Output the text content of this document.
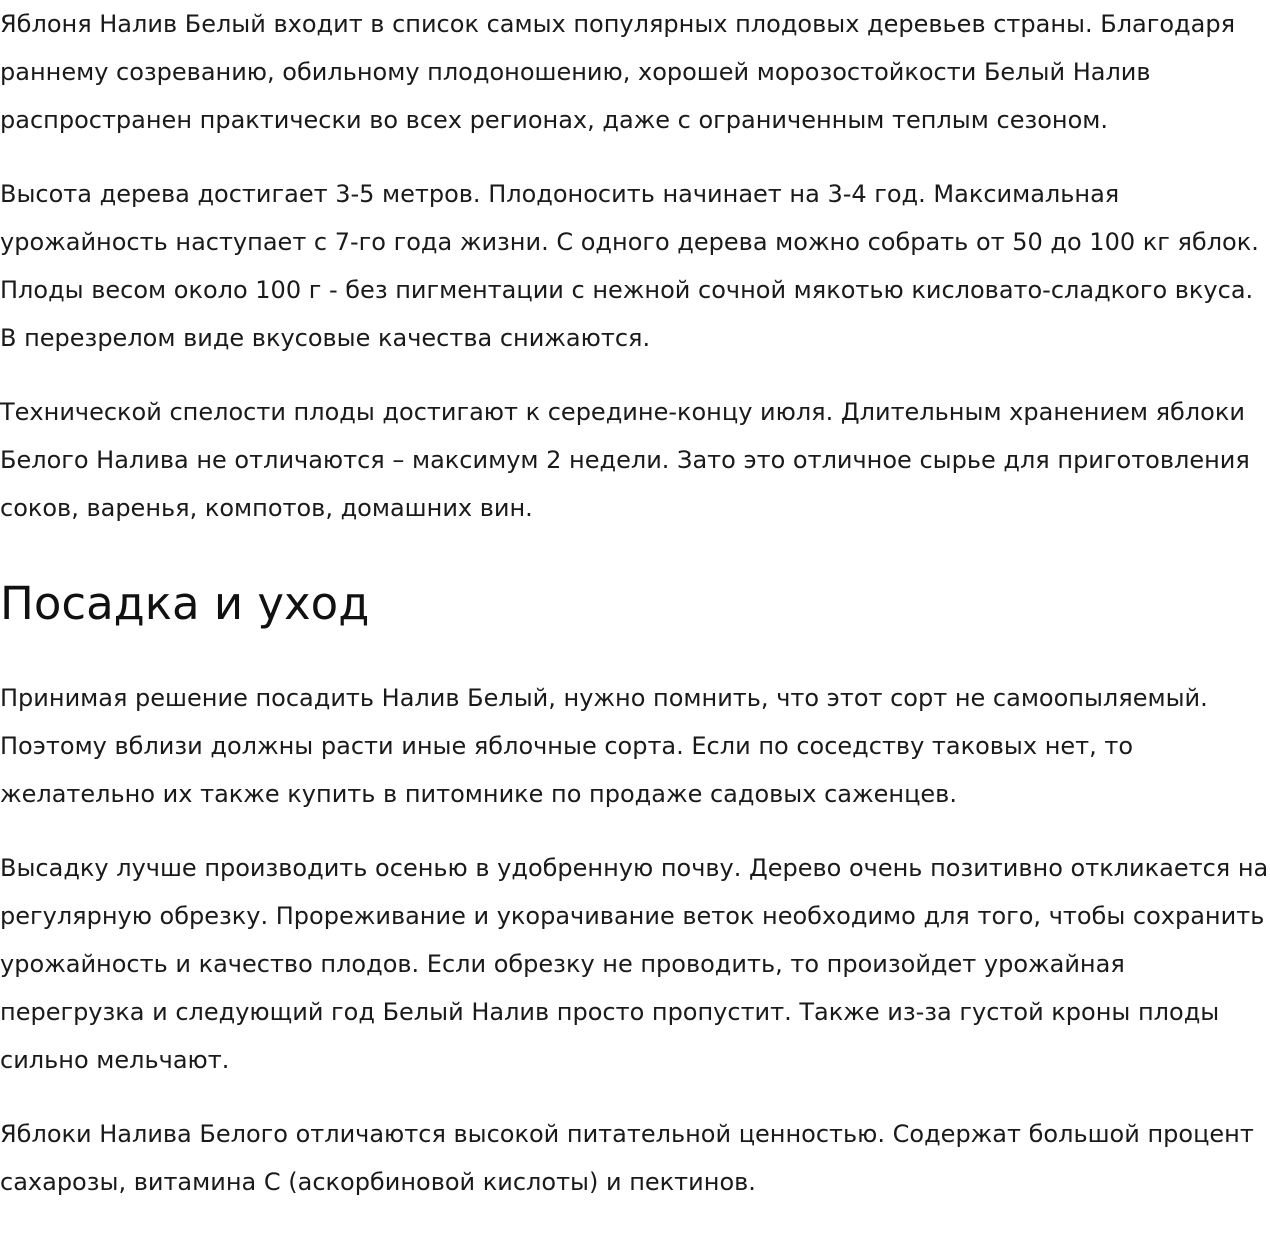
Яблоня Налив Белый входит в список самых популярных плодовых деревьев страны. Благодаря раннему созреванию, обильному плодоношению, хорошей морозостойкости Белый Налив распространен практически во всех регионах, даже с ограниченным теплым сезоном.

Высота дерева достигает 3-5 метров. Плодоносить начинает на 3-4 год. Максимальная урожайность наступает с 7-го года жизни. С одного дерева можно собрать от 50 до 100 кг яблок. Плоды весом около 100 г - без пигментации с нежной сочной мякотью кисловато-сладкого вкуса. В перезрелом виде вкусовые качества снижаются.

Технической спелости плоды достигают к середине-концу июля. Длительным хранением яблоки Белого Налива не отличаются – максимум 2 недели. Зато это отличное сырье для приготовления соков, варенья, компотов, домашних вин.

Посадка и уход

Принимая решение посадить Налив Белый, нужно помнить, что этот сорт не самоопыляемый. Поэтому вблизи должны расти иные яблочные сорта. Если по соседству таковых нет, то желательно их также купить в питомнике по продаже садовых саженцев.

Высадку лучше производить осенью в удобренную почву. Дерево очень позитивно откликается на регулярную обрезку. Прореживание и укорачивание веток необходимо для того, чтобы сохранить урожайность и качество плодов. Если обрезку не проводить, то произойдет урожайная перегрузка и следующий год Белый Налив просто пропустит. Также из-за густой кроны плоды сильно мельчают.

Яблоки Налива Белого отличаются высокой питательной ценностью. Содержат большой процент сахарозы, витамина С (аскорбиновой кислоты) и пектинов.
